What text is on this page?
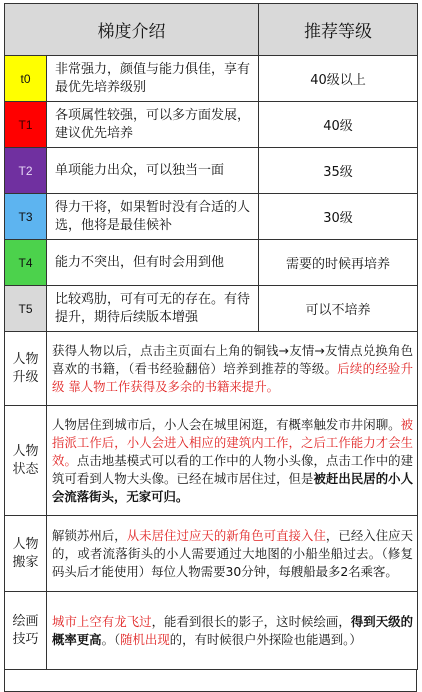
梯度介绍		推荐等级
t0	非常强力，颜值与能力俱佳，享有最优先培养级别	40级以上
T1	各项属性较强，可以多方面发展，建议优先培养	40级
T2	单项能力出众，可以独当一面	35级
T3	得力干将，如果暂时没有合适的人选，他将是最佳候补	30级
T4	能力不突出，但有时会用到他	需要的时候再培养
T5	比较鸡肋，可有可无的存在。有待提升，期待后续版本增强	可以不培养
人物升级	获得人物以后，点击主页面右上角的铜钱→友情→友情点兑换角色喜欢的书籍，（看书经验翻倍）培养到推荐的等级。后续的经验升级 靠人物工作获得及多余的书籍来提升。	
人物状态	人物居住到城市后，小人会在城里闲逛，有概率触发市井闲聊。被指派工作后，小人会进入相应的建筑内工作，之后工作能力才会生效。点击地基模式可以看的工作中的人物小头像，点击工作中的建筑可看到人物大头像。已经在城市居住过，但是被赶出民居的小人会流落街头，无家可归。	
人物搬家	解锁苏州后，从未居住过应天的新角色可直接入住，已经入住应天的，或者流落街头的小人需要通过大地图的小船坐船过去。（修复码头后才能使用）每位人物需要30分钟，每艘船最多2名乘客。	
绘画技巧	城市上空有龙飞过，能看到很长的影子，这时候绘画，得到天级的概率更高。（随机出现的，有时候很户外探险也能遇到。）	
